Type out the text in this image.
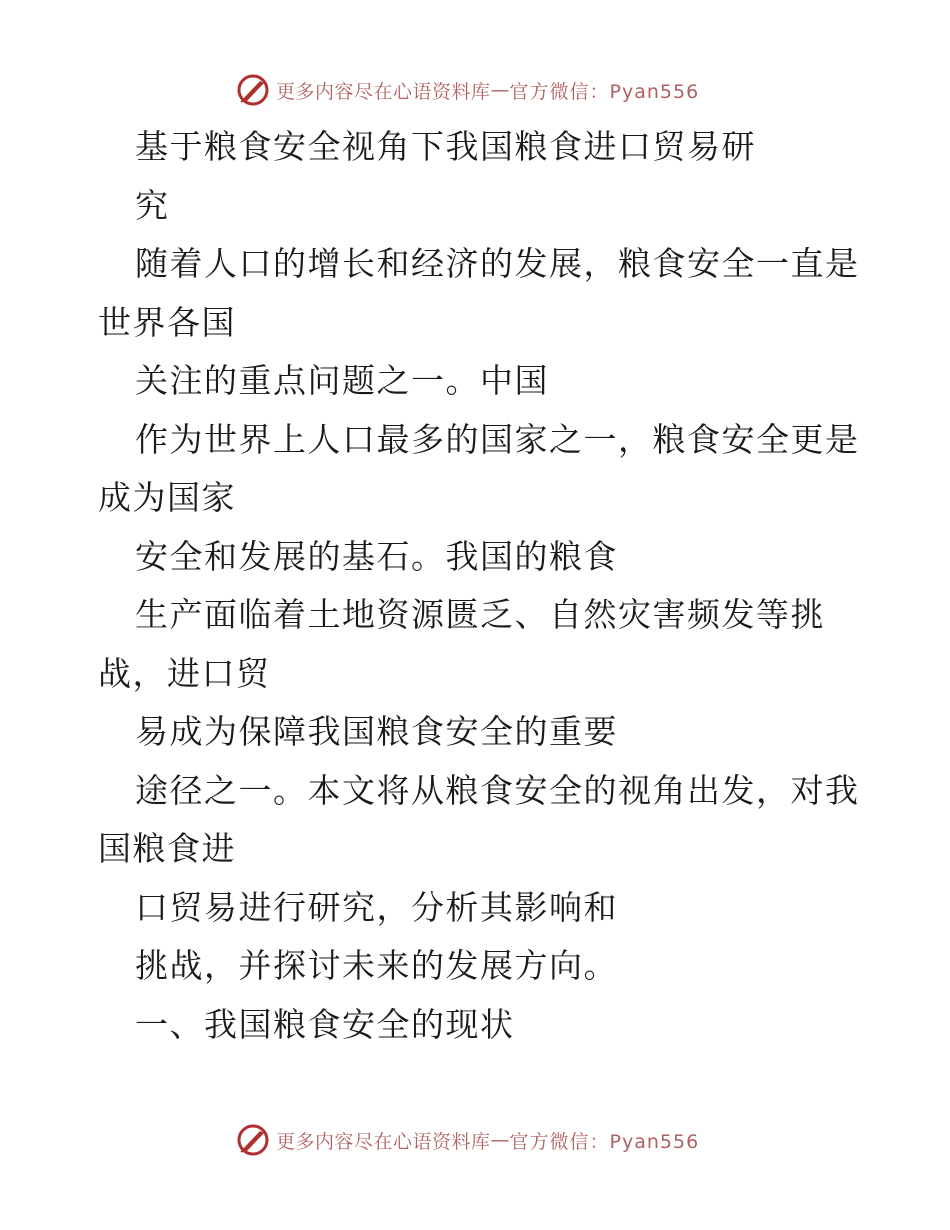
更多内容尽在心语资料库 — 官方微信：Pyan556
基于粮食安全视角下我国粮食进口贸易研
究
随着人口的增长和经济的发展，粮食安全一直是
世界各国
关注的重点问题之一。中国
作为世界上人口最多的国家之一，粮食安全更是
成为国家
安全和发展的基石。我国的粮食
生产面临着土地资源匮乏、自然灾害频发等挑
战，进口贸
易成为保障我国粮食安全的重要
途径之一。本文将从粮食安全的视角出发，对我
国粮食进
口贸易进行研究，分析其影响和
挑战，并探讨未来的发展方向。
一、我国粮食安全的现状
更多内容尽在心语资料库 — 官方微信：Pyan556
